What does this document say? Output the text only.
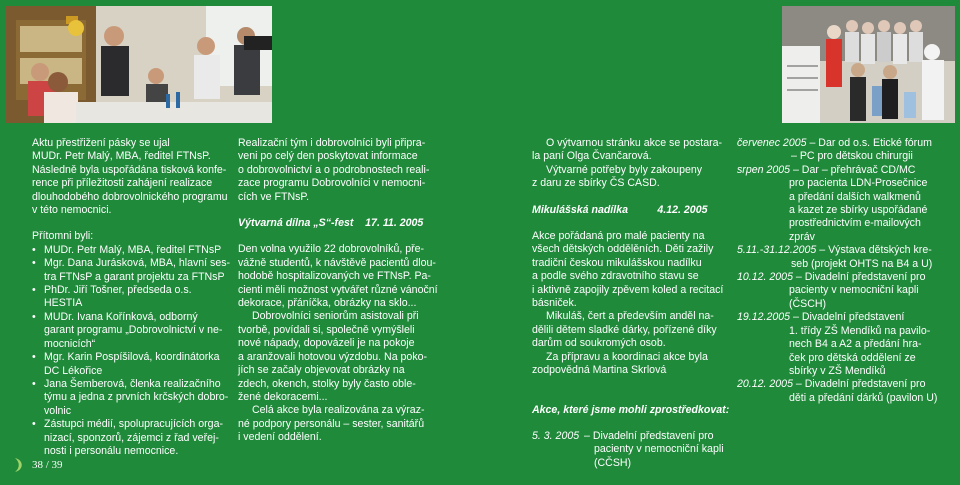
Aktu přestřižení pásky se ujal

MUDr. Petr Malý, MBA, ředitel FTNsP.

Následně byla uspořádána tisková konfe-

rence při příležitosti zahájení realizace

dlouhodobého dobrovolnického programu

v této nemocnici.

Přítomni byli:

• MUDr. Petr Malý, MBA, ředitel FTNsP
• Mgr. Dana Jurásková, MBA, hlavní ses-
tra FTNsP a garant projektu za FTNsP
• PhDr. Jiří Tošner, předseda o.s. HESTIA
• MUDr. Ivana Kořínková, odborný
garant programu „Dobrovolnictví v ne-
mocnicích“
• Mgr. Karin Pospíšilová, koordinátorka
DC Lékořice
• Jana Šemberová, členka realizačního
týmu a jedna z prvních krčských dobro-
volnic
• Zástupci médií, spolupracujících orga-
nizací, sponzorů, zájemci z řad veřej-
nosti i personálu nemocnice.
38 / 39

Realizační tým i dobrovolníci byli připra-

veni po celý den poskytovat informace

o dobrovolnictví a o podrobnostech reali-

zace programu Dobrovolníci v nemocni-

cích ve FTNsP.

Výtvarná dílna „S“-fest    17. 11. 2005

Den volna využilo 22 dobrovolníků, pře-

vážně studentů, k návštěvě pacientů dlou-

hodobě hospitalizovaných ve FTNsP. Pa-

cienti měli možnost vytvářet různé vánoční

dekorace, přáníčka, obrázky na sklo...

Dobrovolníci seniorům asistovali při

tvorbě, povídali si, společně vymýšleli

nové nápady, dopovázeli je na pokoje

a aranžovali hotovou výzdobu. Na poko-

jích se začaly objevovat obrázky na

zdech, okench, stolky byly často oble-

žené dekoracemi...

Celá akce byla realizována za výraz-

né podpory personálu – sester, sanitářů

i vedení oddělení.

O výtvarnou stránku akce se postara-

la paní Olga Čvančarová.

Výtvarné potřeby byly zakoupeny

z daru ze sbírky ČS CASD.

Mikulášská nadílka          4.12. 2005

Akce pořádaná pro malé pacienty na

všech dětských oddělěních. Děti zažily

tradiční českou mikulášskou nadílku

a podle svého zdravotního stavu se

i aktivně zapojily zpěvem koled a recitací

básniček.

Mikuláš, čert a především anděl na-

dělili dětem sladké dárky, pořízené díky

darům od soukromých osob.

Za přípravu a koordinaci akce byla

zodpovědná Martina Skrlová

Akce, které jsme mohli zprostředkovat:

5. 3. 2005 – Divadelní představení pro
pacienty v nemocniční kapli
(CČSH)

červenec 2005 – Dar od o.s. Etické fórum

– PC pro dětskou chirurgii

srpen 2005 – Dar – přehrávač CD/MC

pro pacienta LDN-Prosečnice

a předání dalších walkmenů

a kazet ze sbírky uspořádané

prostřednictvím e-mailových

zpráv

5.11.-31.12.2005 – Výstava dětských kre-

seb (projekt OHTS na B4 a U)

10.12. 2005 – Divadelní představení pro

pacienty v nemocniční kapli

(ČSCH)

19.12.2005 – Divadelní představení

1. třídy ZŠ Mendíků na pavilo-

nech B4 a A2 a předání hra-

ček pro dětská oddělení ze

sbírky v ZŠ Mendíků

20.12. 2005 – Divadelní představení pro

děti a předání dárků (pavilon U)
